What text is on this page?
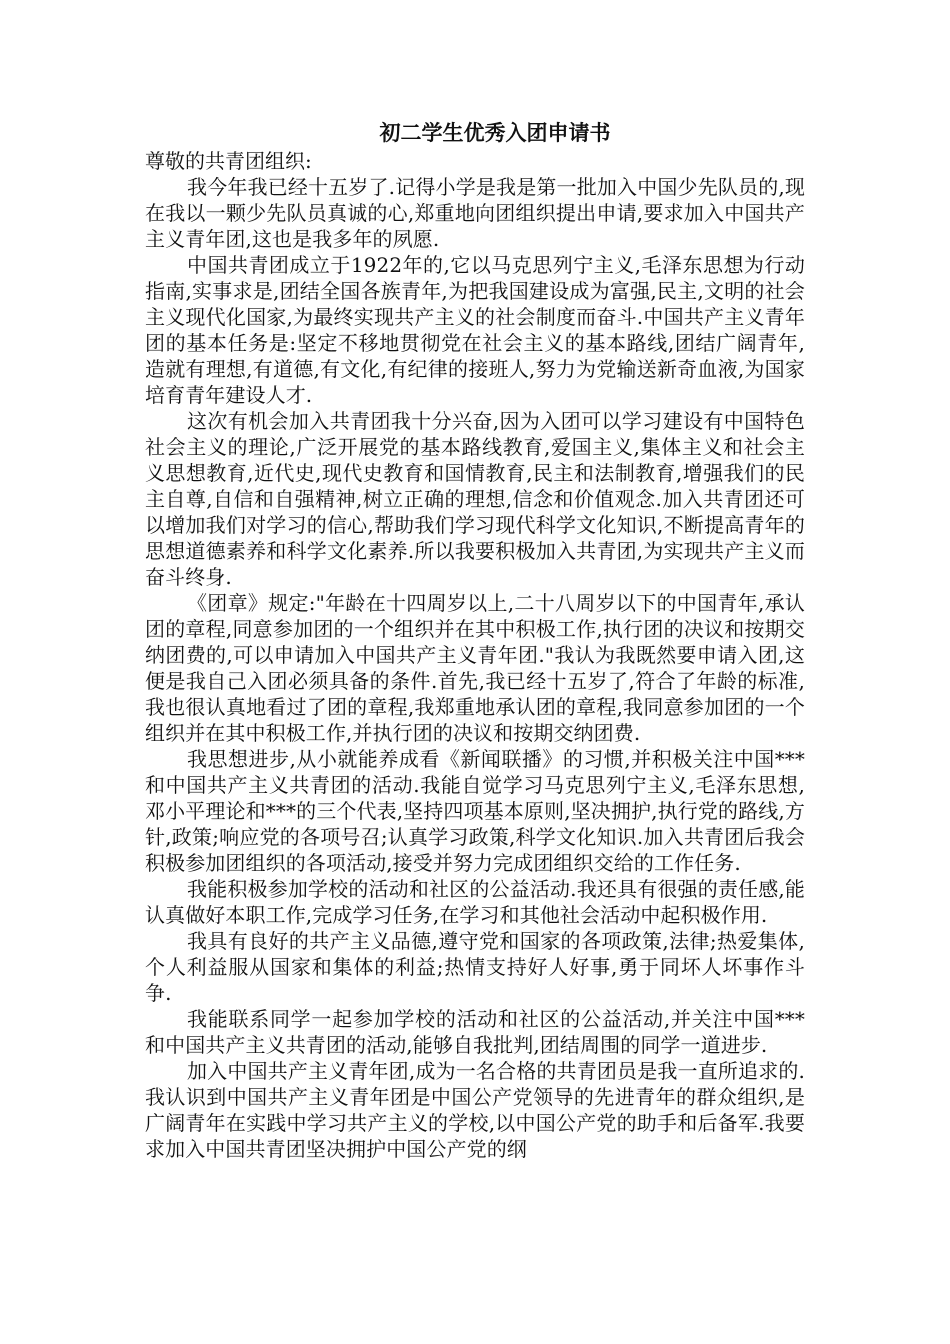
初二学生优秀入团申请书

尊敬的共青团组织:

我今年我已经十五岁了.记得小学是我是第一批加入中国少先队员的,现在我以一颗少先队员真诚的心,郑重地向团组织提出申请,要求加入中国共产主义青年团,这也是我多年的夙愿.

中国共青团成立于1922年的,它以马克思列宁主义,毛泽东思想为行动指南,实事求是,团结全国各族青年,为把我国建设成为富强,民主,文明的社会主义现代化国家,为最终实现共产主义的社会制度而奋斗.中国共产主义青年团的基本任务是:坚定不移地贯彻党在社会主义的基本路线,团结广阔青年,造就有理想,有道德,有文化,有纪律的接班人,努力为党输送新奇血液,为国家培育青年建设人才.

这次有机会加入共青团我十分兴奋,因为入团可以学习建设有中国特色社会主义的理论,广泛开展党的基本路线教育,爱国主义,集体主义和社会主义思想教育,近代史,现代史教育和国情教育,民主和法制教育,增强我们的民主自尊,自信和自强精神,树立正确的理想,信念和价值观念.加入共青团还可以增加我们对学习的信心,帮助我们学习现代科学文化知识,不断提高青年的思想道德素养和科学文化素养.所以我要积极加入共青团,为实现共产主义而奋斗终身.

《团章》规定:"年龄在十四周岁以上,二十八周岁以下的中国青年,承认团的章程,同意参加团的一个组织并在其中积极工作,执行团的决议和按期交纳团费的,可以申请加入中国共产主义青年团."我认为我既然要申请入团,这便是我自己入团必须具备的条件.首先,我已经十五岁了,符合了年龄的标准,我也很认真地看过了团的章程,我郑重地承认团的章程,我同意参加团的一个组织并在其中积极工作,并执行团的决议和按期交纳团费.

我思想进步,从小就能养成看《新闻联播》的习惯,并积极关注中国***和中国共产主义共青团的活动.我能自觉学习马克思列宁主义,毛泽东思想,邓小平理论和***的三个代表,坚持四项基本原则,坚决拥护,执行党的路线,方针,政策;响应党的各项号召;认真学习政策,科学文化知识.加入共青团后我会积极参加团组织的各项活动,接受并努力完成团组织交给的工作任务.

我能积极参加学校的活动和社区的公益活动.我还具有很强的责任感,能认真做好本职工作,完成学习任务,在学习和其他社会活动中起积极作用.

我具有良好的共产主义品德,遵守党和国家的各项政策,法律;热爱集体,个人利益服从国家和集体的利益;热情支持好人好事,勇于同坏人坏事作斗争.

我能联系同学一起参加学校的活动和社区的公益活动,并关注中国***和中国共产主义共青团的活动,能够自我批判,团结周围的同学一道进步.

加入中国共产主义青年团,成为一名合格的共青团员是我一直所追求的.我认识到中国共产主义青年团是中国公产党领导的先进青年的群众组织,是广阔青年在实践中学习共产主义的学校,以中国公产党的助手和后备军.我要求加入中国共青团坚决拥护中国公产党的纲
